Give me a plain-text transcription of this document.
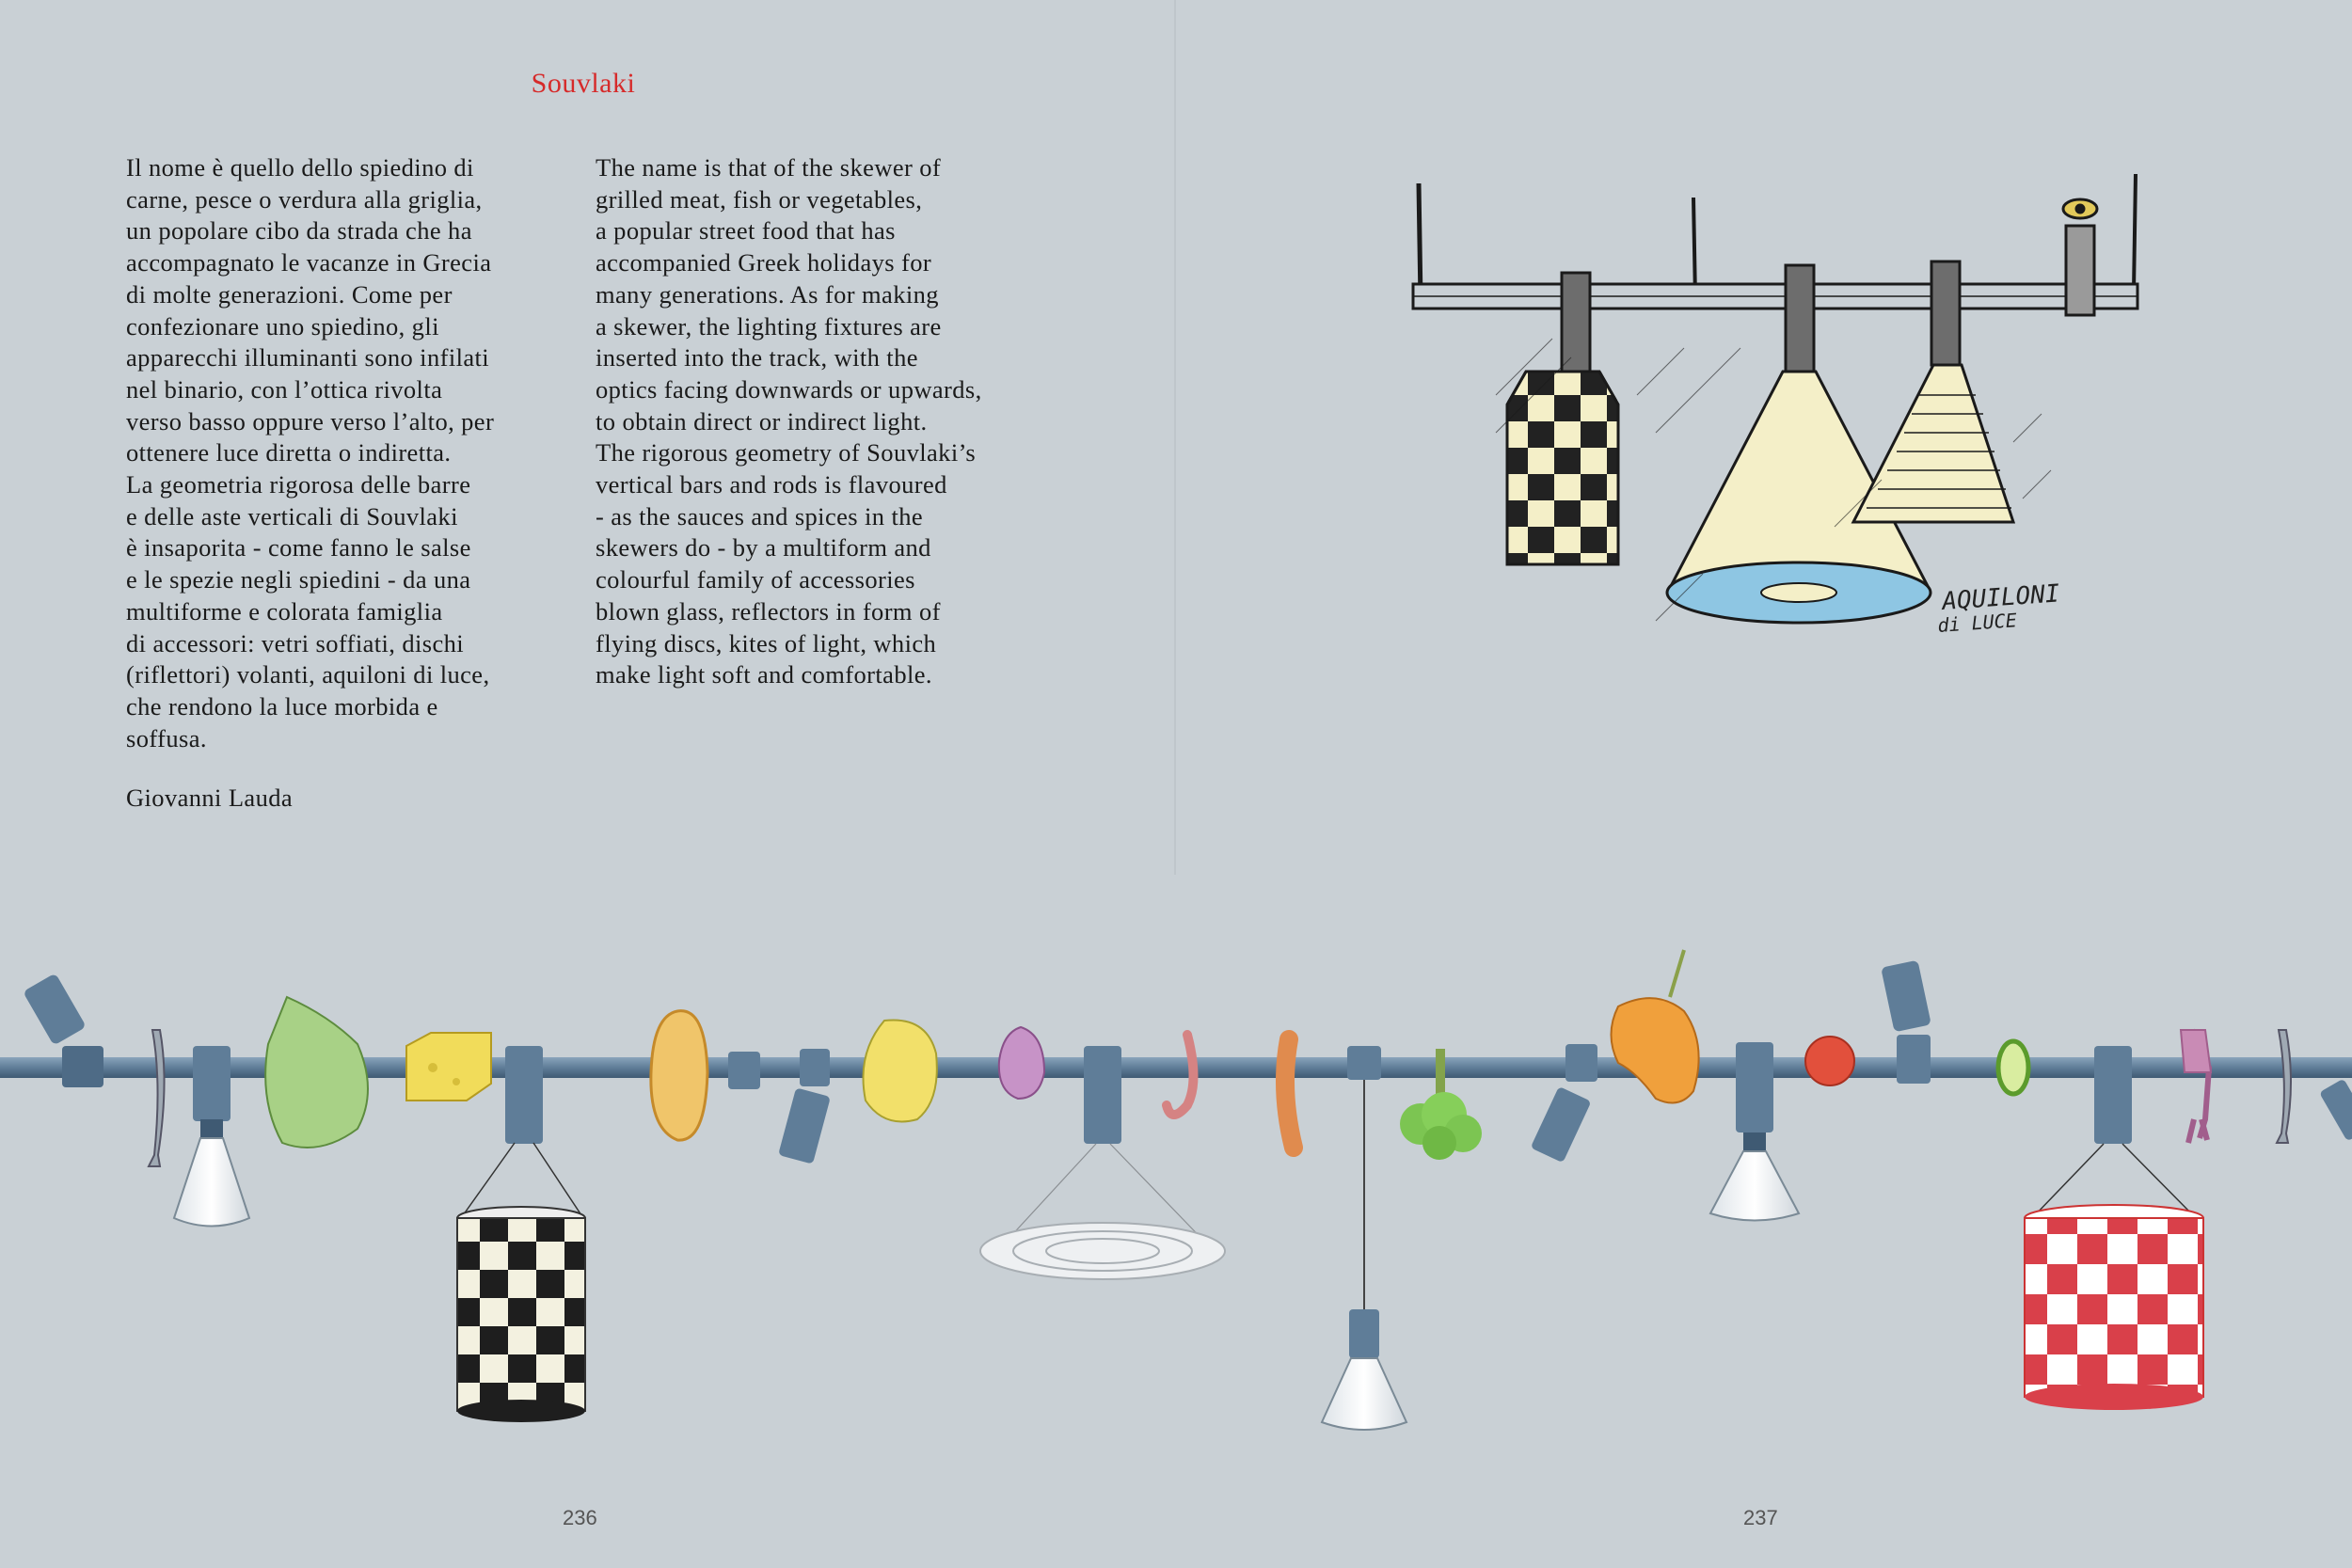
Souvlaki
Il nome è quello dello spiedino di
carne, pesce o verdura alla griglia,
un popolare cibo da strada che ha
accompagnato le vacanze in Grecia
di molte generazioni. Come per
confezionare uno spiedino, gli
apparecchi illuminanti sono infilati
nel binario, con l’ottica rivolta
verso basso oppure verso l’alto, per
ottenere luce diretta o indiretta.
La geometria rigorosa delle barre
e delle aste verticali di Souvlaki
è insaporita - come fanno le salse
e le spezie negli spiedini - da una
multiforme e colorata famiglia
di accessori: vetri soffiati, dischi
(riflettori) volanti, aquiloni di luce,
che rendono la luce morbida e
soffusa.
The name is that of the skewer of
grilled meat, fish or vegetables,
a popular street food that has
accompanied Greek holidays for
many generations. As for making
a skewer, the lighting fixtures are
inserted into the track, with the
optics facing downwards or upwards,
to obtain direct or indirect light.
The rigorous geometry of Souvlaki’s
vertical bars and rods is flavoured
- as the sauces and spices in the
skewers do - by a multiform and
colourful family of accessories
blown glass, reflectors in form of
flying discs, kites of light, which
make light soft and comfortable.
Giovanni Lauda
AQUILONI
di LUCE
236	237
